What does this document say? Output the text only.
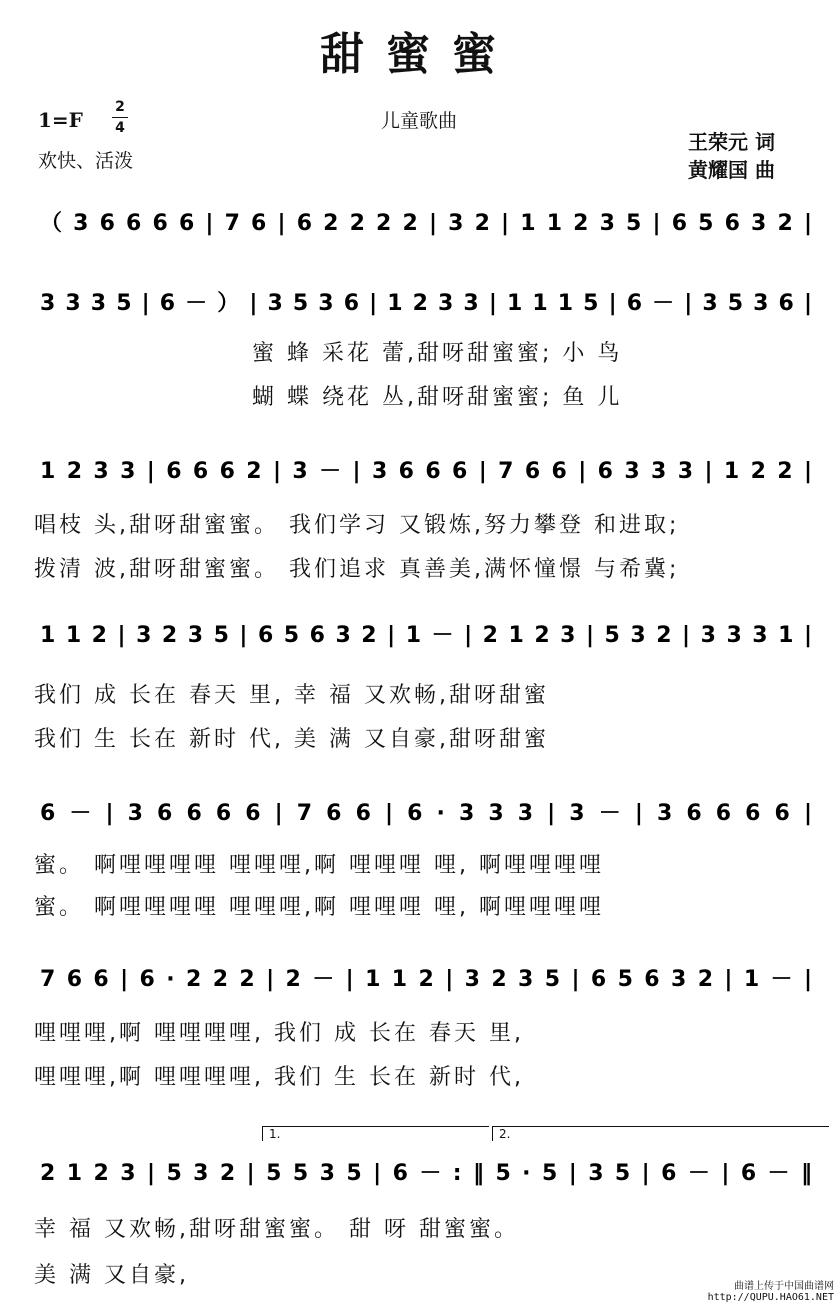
甜蜜蜜
1=F
2
4
欢快、活泼
儿童歌曲
王荣元 词
黄耀国 曲
（36666|76|62222|32|11235|65632|
3335|6－）|3536|1233|1115|6－|3536|
蜜 蜂 采花 蕾,甜呀甜蜜蜜; 小 鸟
蝴 蝶 绕花 丛,甜呀甜蜜蜜; 鱼 儿
1233|6662|3－|3666|766|6333|122|
唱枝 头,甜呀甜蜜蜜。 我们学习 又锻炼,努力攀登 和进取;
拨清 波,甜呀甜蜜蜜。 我们追求 真善美,满怀憧憬 与希冀;
112|3235|65632|1－|2123|532|3331|
我们 成 长在 春天 里, 幸 福 又欢畅,甜呀甜蜜
我们 生 长在 新时 代, 美 满 又自豪,甜呀甜蜜
6－|36666|766|6·333|3－|36666|
蜜。 啊哩哩哩哩 哩哩哩,啊 哩哩哩 哩, 啊哩哩哩哩
蜜。 啊哩哩哩哩 哩哩哩,啊 哩哩哩 哩, 啊哩哩哩哩
766|6·222|2－|112|3235|65632|1－|
哩哩哩,啊 哩哩哩哩, 我们 成 长在 春天 里,
哩哩哩,啊 哩哩哩哩, 我们 生 长在 新时 代,
2123|532|5535|6－:‖5·5|35|6－|6－‖
1.	2.
幸 福 又欢畅,甜呀甜蜜蜜。 甜 呀 甜蜜蜜。
美 满 又自豪,	曲谱上传于中国曲谱网
http://QUPU.HAO61.NET
